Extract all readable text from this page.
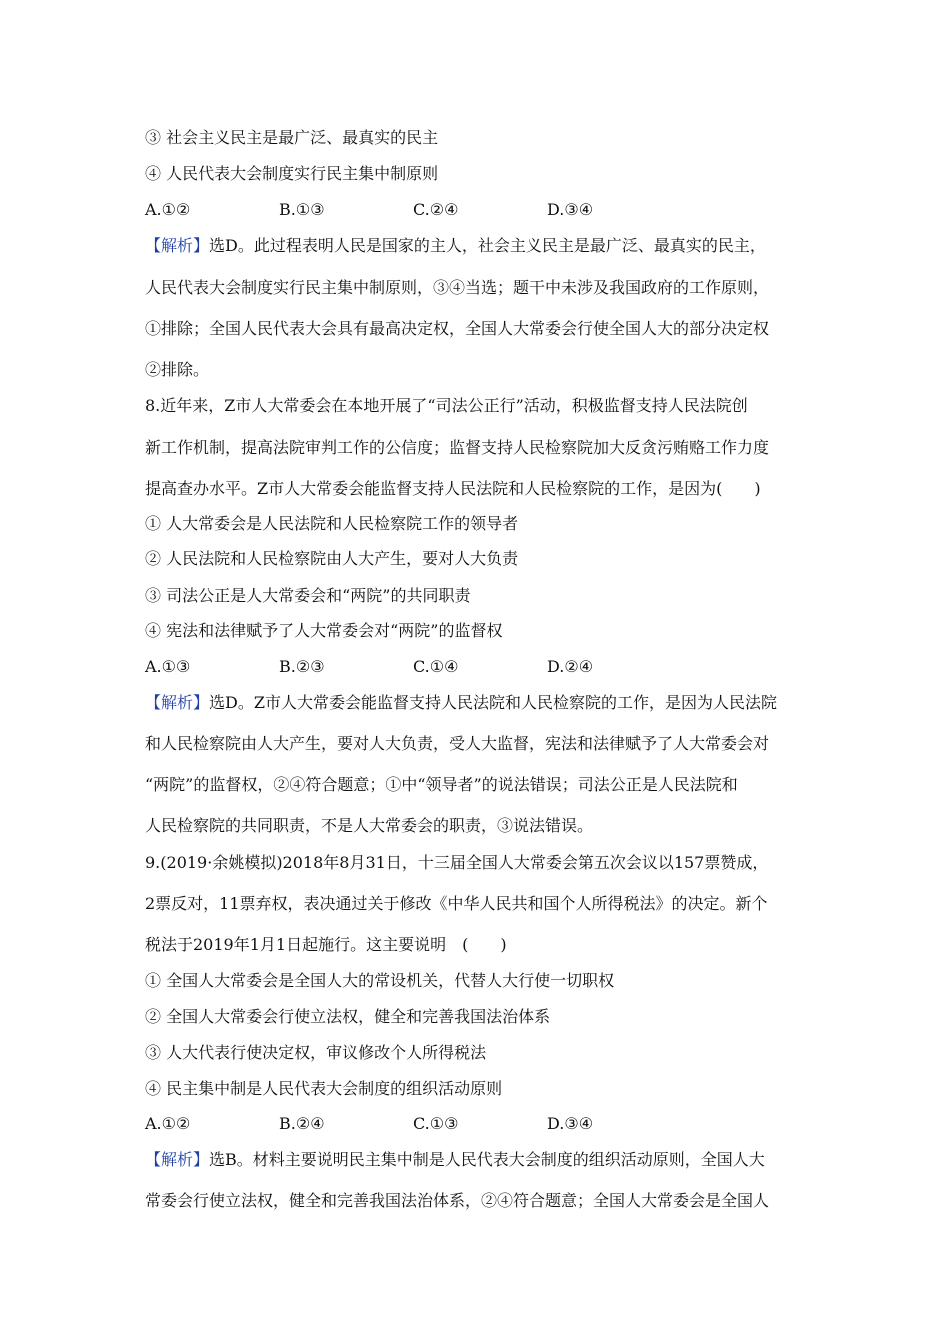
③ 社会主义民主是最广泛、最真实的民主
④ 人民代表大会制度实行民主集中制原则
A.①②	B.①③	C.②④	D.③④
【解析】选D。此过程表明人民是国家的主人，社会主义民主是最广泛、最真实的民主，
人民代表大会制度实行民主集中制原则，③④当选；题干中未涉及我国政府的工作原则，
①排除；全国人民代表大会具有最高决定权，全国人大常委会行使全国人大的部分决定权
②排除。
8.近年来，Z市人大常委会在本地开展了“司法公正行”活动，积极监督支持人民法院创
新工作机制，提高法院审判工作的公信度；监督支持人民检察院加大反贪污贿赂工作力度
提高查办水平。Z市人大常委会能监督支持人民法院和人民检察院的工作，是因为(　　)
① 人大常委会是人民法院和人民检察院工作的领导者
② 人民法院和人民检察院由人大产生，要对人大负责
③ 司法公正是人大常委会和“两院”的共同职责
④ 宪法和法律赋予了人大常委会对“两院”的监督权
A.①③	B.②③	C.①④	D.②④
【解析】选D。Z市人大常委会能监督支持人民法院和人民检察院的工作，是因为人民法院
和人民检察院由人大产生，要对人大负责，受人大监督，宪法和法律赋予了人大常委会对
“两院”的监督权，②④符合题意；①中“领导者”的说法错误；司法公正是人民法院和
人民检察院的共同职责，不是人大常委会的职责，③说法错误。
9.(2019·余姚模拟)2018年8月31日，十三届全国人大常委会第五次会议以157票赞成，
2票反对，11票弃权，表决通过关于修改《中华人民共和国个人所得税法》的决定。新个
税法于2019年1月1日起施行。这主要说明　(　　)
① 全国人大常委会是全国人大的常设机关，代替人大行使一切职权
② 全国人大常委会行使立法权，健全和完善我国法治体系
③ 人大代表行使决定权，审议修改个人所得税法
④ 民主集中制是人民代表大会制度的组织活动原则
A.①②	B.②④	C.①③	D.③④
【解析】选B。材料主要说明民主集中制是人民代表大会制度的组织活动原则，全国人大
常委会行使立法权，健全和完善我国法治体系，②④符合题意；全国人大常委会是全国人
